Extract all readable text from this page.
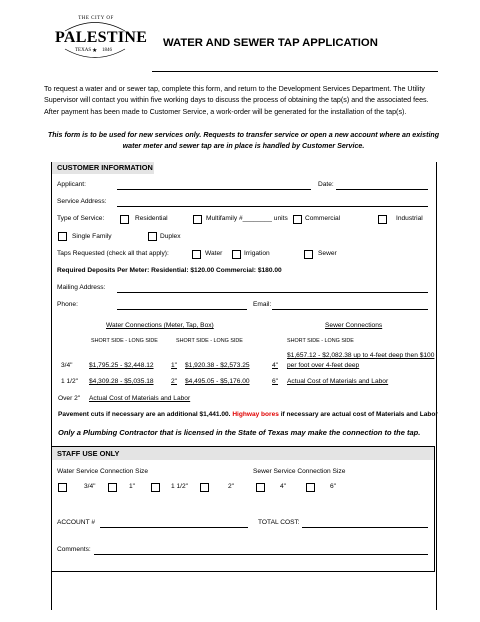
THE CITY OF
PALESTINE
TEXAS ★ 1846
WATER AND SEWER TAP APPLICATION
To request a water and or sewer tap, complete this form, and return to the Development Services Department. The Utility Supervisor will contact you within five working days to discuss the process of obtaining the tap(s) and the associated fees. After payment has been made to Customer Service, a work-order will be generated for the installation of the tap(s).
This form is to be used for new services only. Requests to transfer service or open a new account where an existing water meter and sewer tap are in place is handled by Customer Service.
CUSTOMER INFORMATION
Applicant:	Date:
Service Address:
Type of Service:	Residential	Multifamily #________ units	Commercial	Industrial
Single Family	Duplex
Taps Requested (check all that apply):	Water	Irrigation	Sewer
Required Deposits Per Meter: Residential: $120.00 Commercial: $180.00
Mailing Address:
Phone:	Email:
Water Connections (Meter, Tap, Box)	Sewer Connections
SHORT SIDE - LONG SIDE	SHORT SIDE - LONG SIDE	SHORT SIDE - LONG SIDE
3/4" $1,795.25 - $2,448.12	1" $1,920.38 - $2,573.25	4"
$1,657.12 - $2,082.38 up to 4-feet deep then $100
per foot over 4-feet deep
1 1/2" $4,309.28 - $5,035.18	2" $4,495.05 - $5,176.00	6" Actual Cost of Materials and Labor
Over 2" Actual Cost of Materials and Labor
Pavement cuts if necessary are an additional $1,441.00. Highway bores if necessary are actual cost of Materials and Labor
Only a Plumbing Contractor that is licensed in the State of Texas may make the connection to the tap.
STAFF USE ONLY
Water Service Connection Size	Sewer Service Connection Size
3/4"	1"	1 1/2"	2"	4"	6"
ACCOUNT #	TOTAL COST:
Comments:
